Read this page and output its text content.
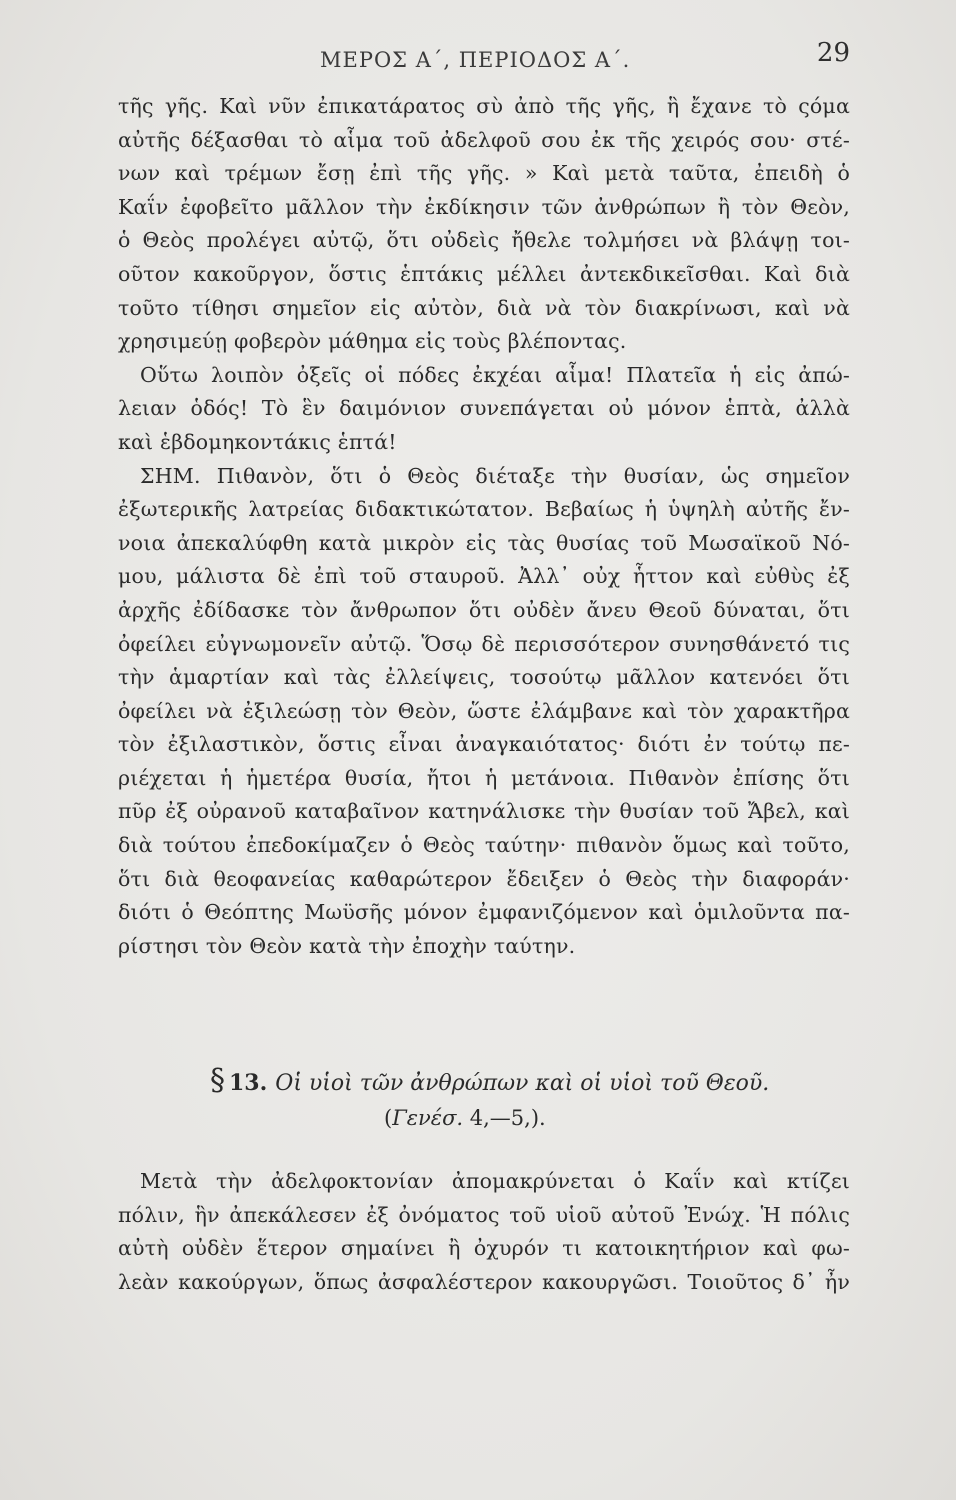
ΜΕΡΟΣ Α΄, ΠΕΡΙΟΔΟΣ Α΄.	29
τῆς γῆς. Καὶ νῦν ἐπικατάρατος σὺ ἀπὸ τῆς γῆς, ἣ ἔχανε τὸ ςόμα
αὐτῆς δέξασθαι τὸ αἷμα τοῦ ἀδελφοῦ σου ἐκ τῆς χειρός σου· στέ-
νων καὶ τρέμων ἔσῃ ἐπὶ τῆς γῆς. » Καὶ μετὰ ταῦτα, ἐπειδὴ ὁ
Καΐν ἐφοβεῖτο μᾶλλον τὴν ἐκδίκησιν τῶν ἀνθρώπων ἢ τὸν Θεὸν,
ὁ Θεὸς προλέγει αὐτῷ, ὅτι οὐδεὶς ἤθελε τολμήσει νὰ βλάψῃ τοι-
οῦτον κακοῦργον, ὅστις ἑπτάκις μέλλει ἀντεκδικεῖσθαι. Καὶ διὰ
τοῦτο τίθησι σημεῖον εἰς αὐτὸν, διὰ νὰ τὸν διακρίνωσι, καὶ νὰ
χρησιμεύῃ φοβερὸν μάθημα εἰς τοὺς βλέποντας.
Οὕτω λοιπὸν ὀξεῖς οἱ πόδες ἐκχέαι αἷμα! Πλατεῖα ἡ εἰς ἀπώ-
λειαν ὁδός! Τὸ ἓν δαιμόνιον συνεπάγεται οὐ μόνον ἑπτὰ, ἀλλὰ
καὶ ἑβδομηκοντάκις ἑπτά!
ΣΗΜ. Πιθανὸν, ὅτι ὁ Θεὸς διέταξε τὴν θυσίαν, ὡς σημεῖον
ἐξωτερικῆς λατρείας διδακτικώτατον. Βεβαίως ἡ ὑψηλὴ αὐτῆς ἔν-
νοια ἀπεκαλύφθη κατὰ μικρὸν εἰς τὰς θυσίας τοῦ Μωσαϊκοῦ Νό-
μου, μάλιστα δὲ ἐπὶ τοῦ σταυροῦ. Ἀλλ᾽ οὐχ ἧττον καὶ εὐθὺς ἐξ
ἀρχῆς ἐδίδασκε τὸν ἄνθρωπον ὅτι οὐδὲν ἄνευ Θεοῦ δύναται, ὅτι
ὀφείλει εὐγνωμονεῖν αὐτῷ. Ὅσῳ δὲ περισσότερον συνησθάνετό τις
τὴν ἁμαρτίαν καὶ τὰς ἐλλείψεις, τοσούτῳ μᾶλλον κατενόει ὅτι
ὀφείλει νὰ ἐξιλεώσῃ τὸν Θεὸν, ὥστε ἐλάμβανε καὶ τὸν χαρακτῆρα
τὸν ἐξιλαστικὸν, ὅστις εἶναι ἀναγκαιότατος· διότι ἐν τούτῳ πε-
ριέχεται ἡ ἡμετέρα θυσία, ἤτοι ἡ μετάνοια. Πιθανὸν ἐπίσης ὅτι
πῦρ ἐξ οὐρανοῦ καταβαῖνον κατηνάλισκε τὴν θυσίαν τοῦ Ἄβελ, καὶ
διὰ τούτου ἐπεδοκίμαζεν ὁ Θεὸς ταύτην· πιθανὸν ὅμως καὶ τοῦτο,
ὅτι διὰ θεοφανείας καθαρώτερον ἔδειξεν ὁ Θεὸς τὴν διαφοράν·
διότι ὁ Θεόπτης Μωϋσῆς μόνον ἐμφανιζόμενον καὶ ὁμιλοῦντα πα-
ρίστησι τὸν Θεὸν κατὰ τὴν ἐποχὴν ταύτην.
§ 13. Οἱ υἱοὶ τῶν ἀνθρώπων καὶ οἱ υἱοὶ τοῦ Θεοῦ.
(Γενέσ. 4,—5,).
Μετὰ τὴν ἀδελφοκτονίαν ἀπομακρύνεται ὁ Καΐν καὶ κτίζει
πόλιν, ἣν ἀπεκάλεσεν ἐξ ὀνόματος τοῦ υἱοῦ αὐτοῦ Ἐνώχ. Ἡ πόλις
αὐτὴ οὐδὲν ἕτερον σημαίνει ἢ ὀχυρόν τι κατοικητήριον καὶ φω-
λεὰν κακούργων, ὅπως ἀσφαλέστερον κακουργῶσι. Τοιοῦτος δ᾽ ἦν
